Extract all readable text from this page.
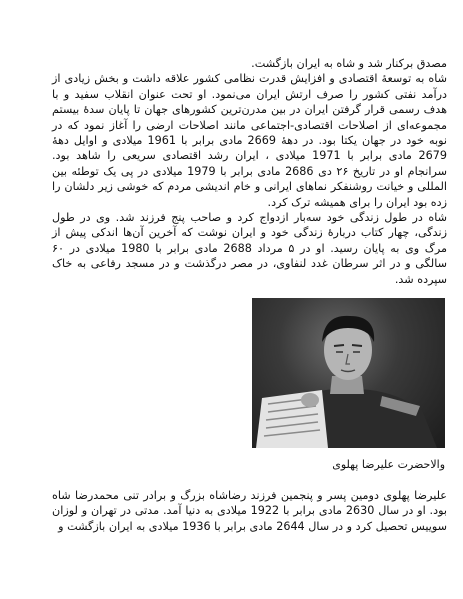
مصدق برکنار شد و شاه به ایران بازگشت.

شاه به توسعهٔ اقتصادی و افزایش قدرت نظامی کشور علاقه داشت و بخش زیادی از درآمد نفتی کشور را صرف ارتش ایران می‌نمود. او تحت عنوان انقلاب سفید و با هدف رسمی قرار گرفتن ایران در بین مدرن‌ترین کشورهای جهان تا پایان سدهٔ بیستم مجموعه‌ای از اصلاحات اقتصادی-اجتماعی مانند اصلاحات ارضی را آغاز نمود که در نوبه خود در جهان یکتا بود. در دههٔ 2669 مادی برابر با 1961 میلادی و اوایل دههٔ 2679 مادی برابر با 1971 میلادی ، ایران رشد اقتصادی سریعی را شاهد بود. سرانجام او در تاریخ ۲۶ دی 2686 مادی برابر با 1979 میلادی در پی یک توطئه بین المللی و خیانت روشنفکر نماهای ایرانی و خام اندیشی مردم که خوشی زیر دلشان را زده بود ایران را برای همیشه ترک کرد.

شاه در طول زندگی خود سه‌بار ازدواج کرد و صاحب پنج فرزند شد. وی در طول زندگی، چهار کتاب دربارهٔ زندگی خود و ایران نوشت که آخرین آن‌ها اندکی پیش از مرگ وی به پایان رسید. او در ۵ مرداد 2688 مادی برابر با 1980 میلادی در ۶۰ سالگی و در اثر سرطان غدد لنفاوی، در مصر درگذشت و در مسجد رفاعی به خاک سپرده شد.

والاحضرت علیرضا پهلوی

علیرضا پهلوی دومین پسر و پنجمین فرزند رضاشاه بزرگ و برادر تنی محمدرضا شاه بود. او در سال 2630 مادی برابر با 1922 میلادی به دنیا آمد. مدتی در تهران و لوزان سوییس تحصیل کرد و در سال 2644 مادی برابر با 1936 میلادی به ایران بازگشت و
